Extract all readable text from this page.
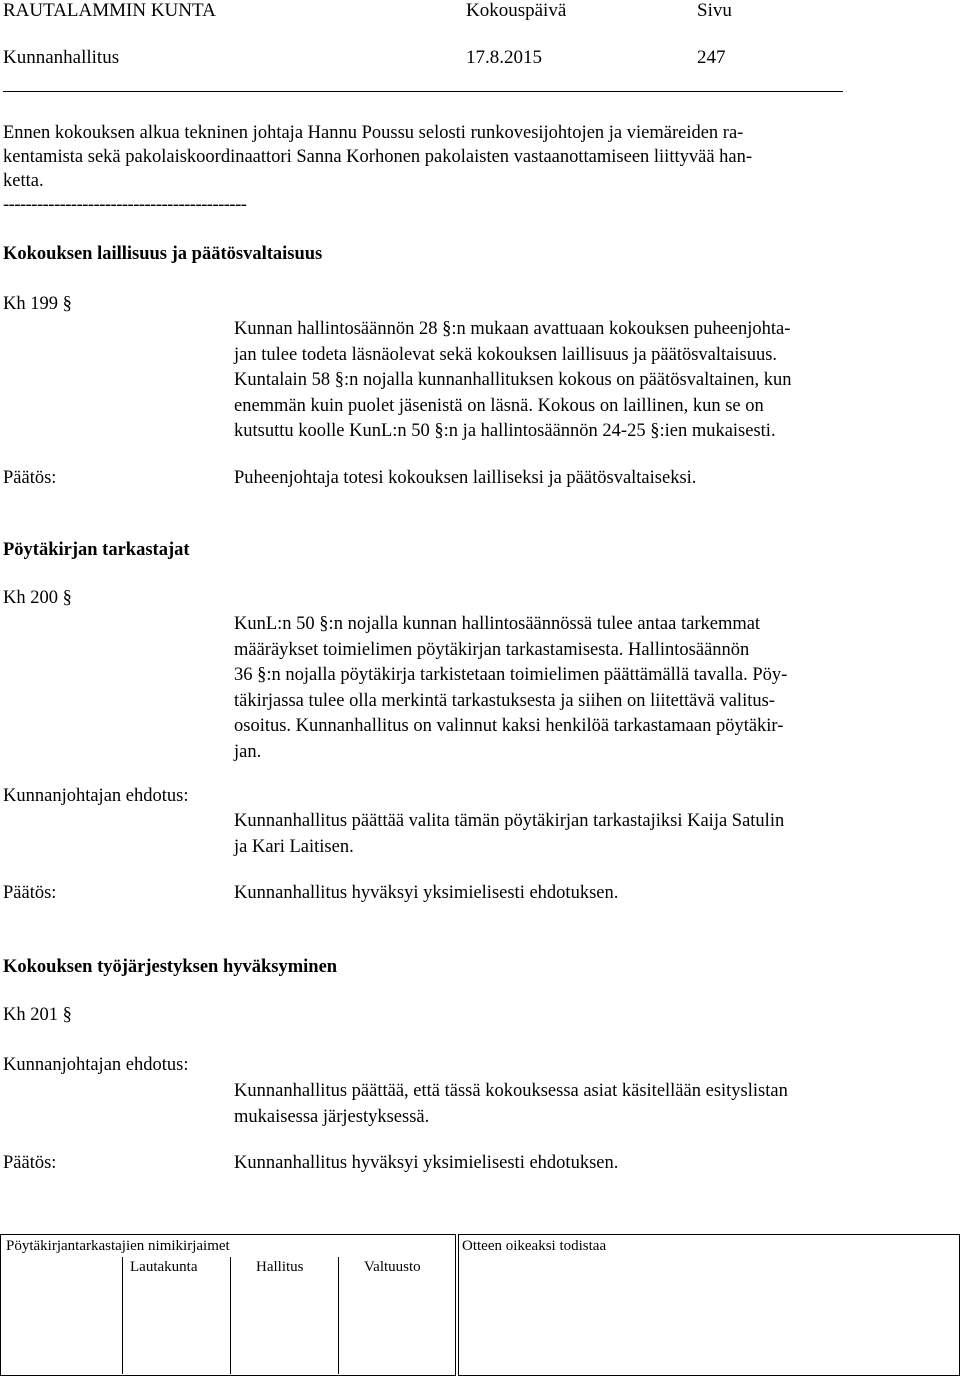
RAUTALAMMIN KUNTA	Kokouspäivä	Sivu
Kunnanhallitus	17.8.2015	247
Ennen kokouksen alkua tekninen johtaja Hannu Poussu selosti runkovesijohtojen ja viemäreiden ra-
kentamista sekä pakolaiskoordinaattori Sanna Korhonen pakolaisten vastaanottamiseen liittyvää han-
ketta.
-------------------------------------------
Kokouksen laillisuus ja päätösvaltaisuus
Kh 199 §
Kunnan hallintosäännön 28 §:n mukaan avattuaan kokouksen puheenjohta-
jan tulee todeta läsnäolevat sekä kokouksen laillisuus ja päätösvaltaisuus.
Kuntalain 58 §:n nojalla kunnanhallituksen kokous on päätösvaltainen, kun
enemmän kuin puolet jäsenistä on läsnä. Kokous on laillinen, kun se on
kutsuttu koolle KunL:n 50 §:n ja hallintosäännön 24-25 §:ien mukaisesti.
Päätös:	Puheenjohtaja totesi kokouksen lailliseksi ja päätösvaltaiseksi.
Pöytäkirjan tarkastajat
Kh 200 §
KunL:n 50 §:n nojalla kunnan hallintosäännössä tulee antaa tarkemmat
määräykset toimielimen pöytäkirjan tarkastamisesta. Hallintosäännön
36 §:n nojalla pöytäkirja tarkistetaan toimielimen päättämällä tavalla. Pöy-
täkirjassa tulee olla merkintä tarkastuksesta ja siihen on liitettävä valitus-
osoitus. Kunnanhallitus on valinnut kaksi henkilöä tarkastamaan pöytäkir-
jan.
Kunnanjohtajan ehdotus:
Kunnanhallitus päättää valita tämän pöytäkirjan tarkastajiksi Kaija Satulin
ja Kari Laitisen.
Päätös:	Kunnanhallitus hyväksyi yksimielisesti ehdotuksen.
Kokouksen työjärjestyksen hyväksyminen
Kh 201 §
Kunnanjohtajan ehdotus:
Kunnanhallitus päättää, että tässä kokouksessa asiat käsitellään esityslistan
mukaisessa järjestyksessä.
Päätös:	Kunnanhallitus hyväksyi yksimielisesti ehdotuksen.
Pöytäkirjantarkastajien nimikirjaimet
Lautakunta	Hallitus	Valtuusto
Otteen oikeaksi todistaa
